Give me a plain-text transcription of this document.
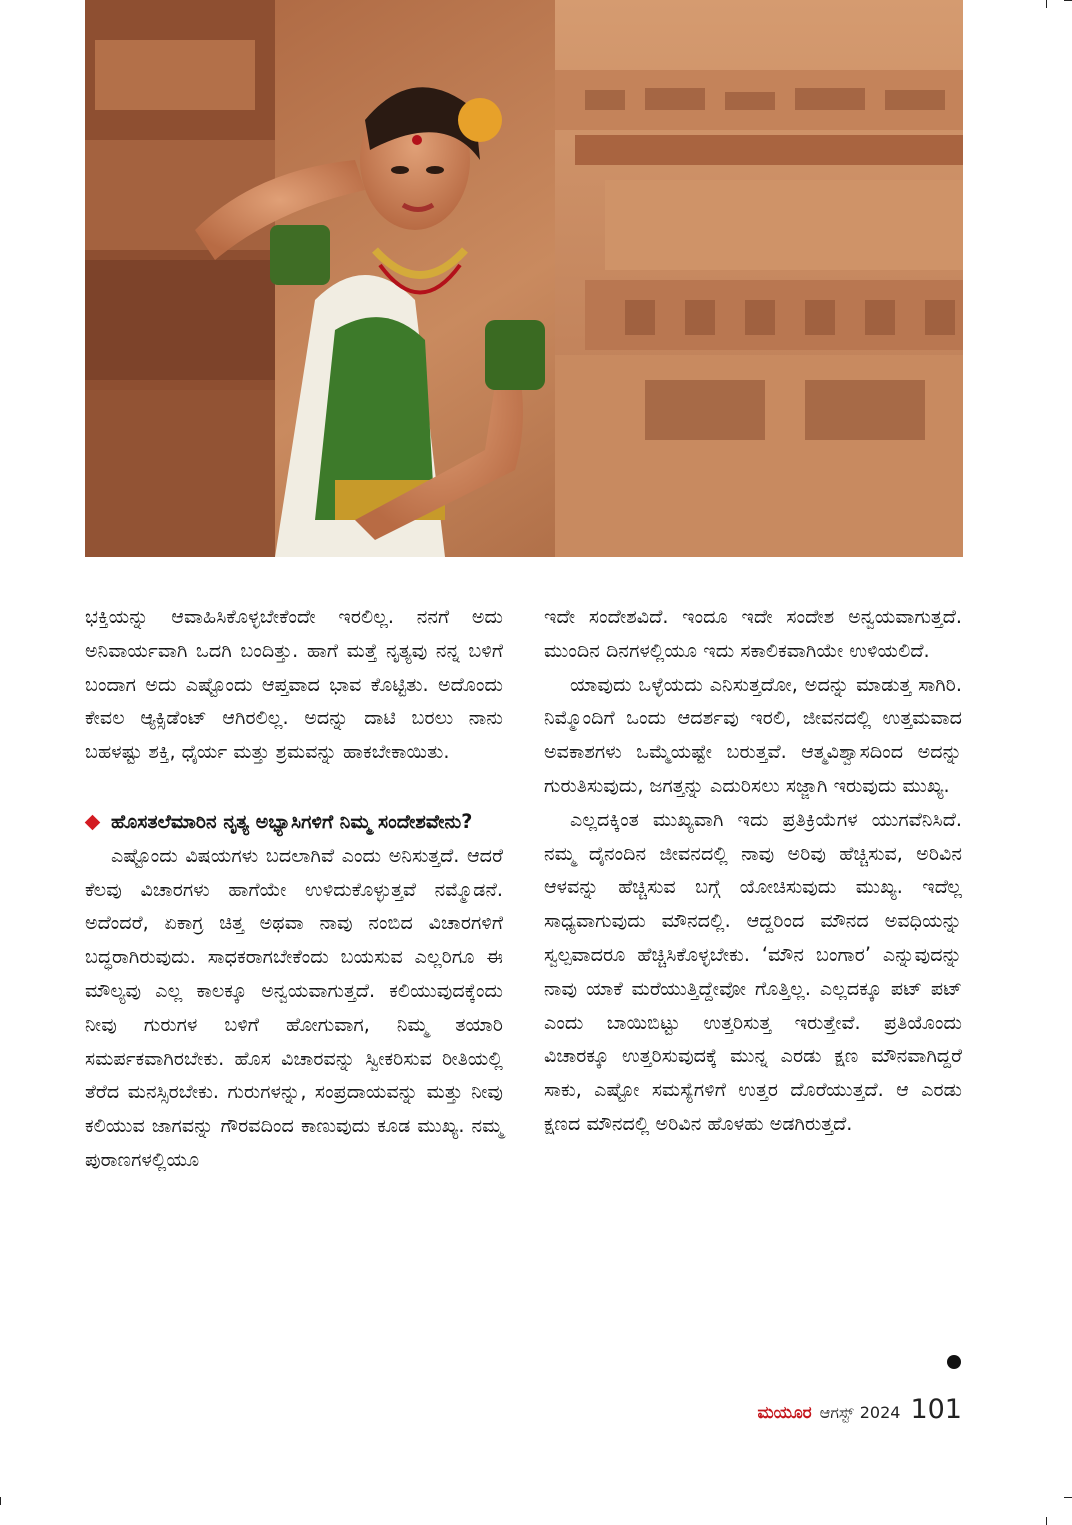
ಭಕ್ತಿಯನ್ನು ಆವಾಹಿಸಿಕೊಳ್ಳಬೇಕೆಂದೇ ಇರಲಿಲ್ಲ. ನನಗೆ ಅದು ಅನಿವಾರ್ಯವಾಗಿ ಒದಗಿ ಬಂದಿತ್ತು. ಹಾಗೆ ಮತ್ತೆ ನೃತ್ಯವು ನನ್ನ ಬಳಿಗೆ ಬಂದಾಗ ಅದು ಎಷ್ಟೊಂದು ಆಪ್ತವಾದ ಭಾವ ಕೊಟ್ಟಿತು. ಅದೊಂದು ಕೇವಲ ಆ್ಯಕ್ಸಿಡೆಂಟ್ ಆಗಿರಲಿಲ್ಲ. ಅದನ್ನು ದಾಟಿ ಬರಲು ನಾನು ಬಹಳಷ್ಟು ಶಕ್ತಿ, ಧೈರ್ಯ ಮತ್ತು ಶ್ರಮವನ್ನು ಹಾಕಬೇಕಾಯಿತು.

ಹೊಸತಲೆಮಾರಿನ ನೃತ್ಯ ಅಭ್ಯಾಸಿಗಳಿಗೆ ನಿಮ್ಮ ಸಂದೇಶವೇನು?

ಎಷ್ಟೊಂದು ವಿಷಯಗಳು ಬದಲಾಗಿವೆ ಎಂದು ಅನಿಸುತ್ತದೆ. ಆದರೆ ಕೆಲವು ವಿಚಾರಗಳು ಹಾಗೆಯೇ ಉಳಿದುಕೊಳ್ಳುತ್ತವೆ ನಮ್ಮೊಡನೆ. ಅದೆಂದರೆ, ಏಕಾಗ್ರ ಚಿತ್ತ ಅಥವಾ ನಾವು ನಂಬಿದ ವಿಚಾರಗಳಿಗೆ ಬದ್ಧರಾಗಿರುವುದು. ಸಾಧಕರಾಗಬೇಕೆಂದು ಬಯಸುವ ಎಲ್ಲರಿಗೂ ಈ ಮೌಲ್ಯವು ಎಲ್ಲ ಕಾಲಕ್ಕೂ ಅನ್ವಯವಾಗುತ್ತದೆ. ಕಲಿಯುವುದಕ್ಕೆಂದು ನೀವು ಗುರುಗಳ ಬಳಿಗೆ ಹೋಗುವಾಗ, ನಿಮ್ಮ ತಯಾರಿ ಸಮರ್ಪಕವಾಗಿರಬೇಕು. ಹೊಸ ವಿಚಾರವನ್ನು ಸ್ವೀಕರಿಸುವ ರೀತಿಯಲ್ಲಿ ತೆರೆದ ಮನಸ್ಸಿರಬೇಕು. ಗುರುಗಳನ್ನು, ಸಂಪ್ರದಾಯವನ್ನು ಮತ್ತು ನೀವು ಕಲಿಯುವ ಜಾಗವನ್ನು ಗೌರವದಿಂದ ಕಾಣುವುದು ಕೂಡ ಮುಖ್ಯ. ನಮ್ಮ ಪುರಾಣಗಳಲ್ಲಿಯೂ

ಇದೇ ಸಂದೇಶವಿದೆ. ಇಂದೂ ಇದೇ ಸಂದೇಶ ಅನ್ವಯವಾಗುತ್ತದೆ. ಮುಂದಿನ ದಿನಗಳಲ್ಲಿಯೂ ಇದು ಸಕಾಲಿಕವಾಗಿಯೇ ಉಳಿಯಲಿದೆ.

ಯಾವುದು ಒಳ್ಳೆಯದು ಎನಿಸುತ್ತದೋ, ಅದನ್ನು ಮಾಡುತ್ತ ಸಾಗಿರಿ. ನಿಮ್ಮೊಂದಿಗೆ ಒಂದು ಆದರ್ಶವು ಇರಲಿ, ಜೀವನದಲ್ಲಿ ಉತ್ತಮವಾದ ಅವಕಾಶಗಳು ಒಮ್ಮೆಯಷ್ಟೇ ಬರುತ್ತವೆ. ಆತ್ಮವಿಶ್ವಾಸದಿಂದ ಅದನ್ನು ಗುರುತಿಸುವುದು, ಜಗತ್ತನ್ನು ಎದುರಿಸಲು ಸಜ್ಜಾಗಿ ಇರುವುದು ಮುಖ್ಯ.

ಎಲ್ಲದಕ್ಕಿಂತ ಮುಖ್ಯವಾಗಿ ಇದು ಪ್ರತಿಕ್ರಿಯೆಗಳ ಯುಗವೆನಿಸಿದೆ. ನಮ್ಮ ದೈನಂದಿನ ಜೀವನದಲ್ಲಿ ನಾವು ಅರಿವು ಹೆಚ್ಚಿಸುವ, ಅರಿವಿನ ಆಳವನ್ನು ಹೆಚ್ಚಿಸುವ ಬಗ್ಗೆ ಯೋಚಿಸುವುದು ಮುಖ್ಯ. ಇದೆಲ್ಲ ಸಾಧ್ಯವಾಗುವುದು ಮೌನದಲ್ಲಿ. ಆದ್ದರಿಂದ ಮೌನದ ಅವಧಿಯನ್ನು ಸ್ವಲ್ಪವಾದರೂ ಹೆಚ್ಚಿಸಿಕೊಳ್ಳಬೇಕು. ‘ಮೌನ ಬಂಗಾರ’ ಎನ್ನುವುದನ್ನು ನಾವು ಯಾಕೆ ಮರೆಯುತ್ತಿದ್ದೇವೋ ಗೊತ್ತಿಲ್ಲ. ಎಲ್ಲದಕ್ಕೂ ಪಟ್ ಪಟ್ ಎಂದು ಬಾಯಿಬಿಟ್ಟು ಉತ್ತರಿಸುತ್ತ ಇರುತ್ತೇವೆ. ಪ್ರತಿಯೊಂದು ವಿಚಾರಕ್ಕೂ ಉತ್ತರಿಸುವುದಕ್ಕೆ ಮುನ್ನ ಎರಡು ಕ್ಷಣ ಮೌನವಾಗಿದ್ದರೆ ಸಾಕು, ಎಷ್ಟೋ ಸಮಸ್ಯೆಗಳಿಗೆ ಉತ್ತರ ದೊರೆಯುತ್ತದೆ. ಆ ಎರಡು ಕ್ಷಣದ ಮೌನದಲ್ಲಿ ಅರಿವಿನ ಹೊಳಹು ಅಡಗಿರುತ್ತದೆ.

ಮಯೂರ ಆಗಸ್ಟ್ 2024 101
